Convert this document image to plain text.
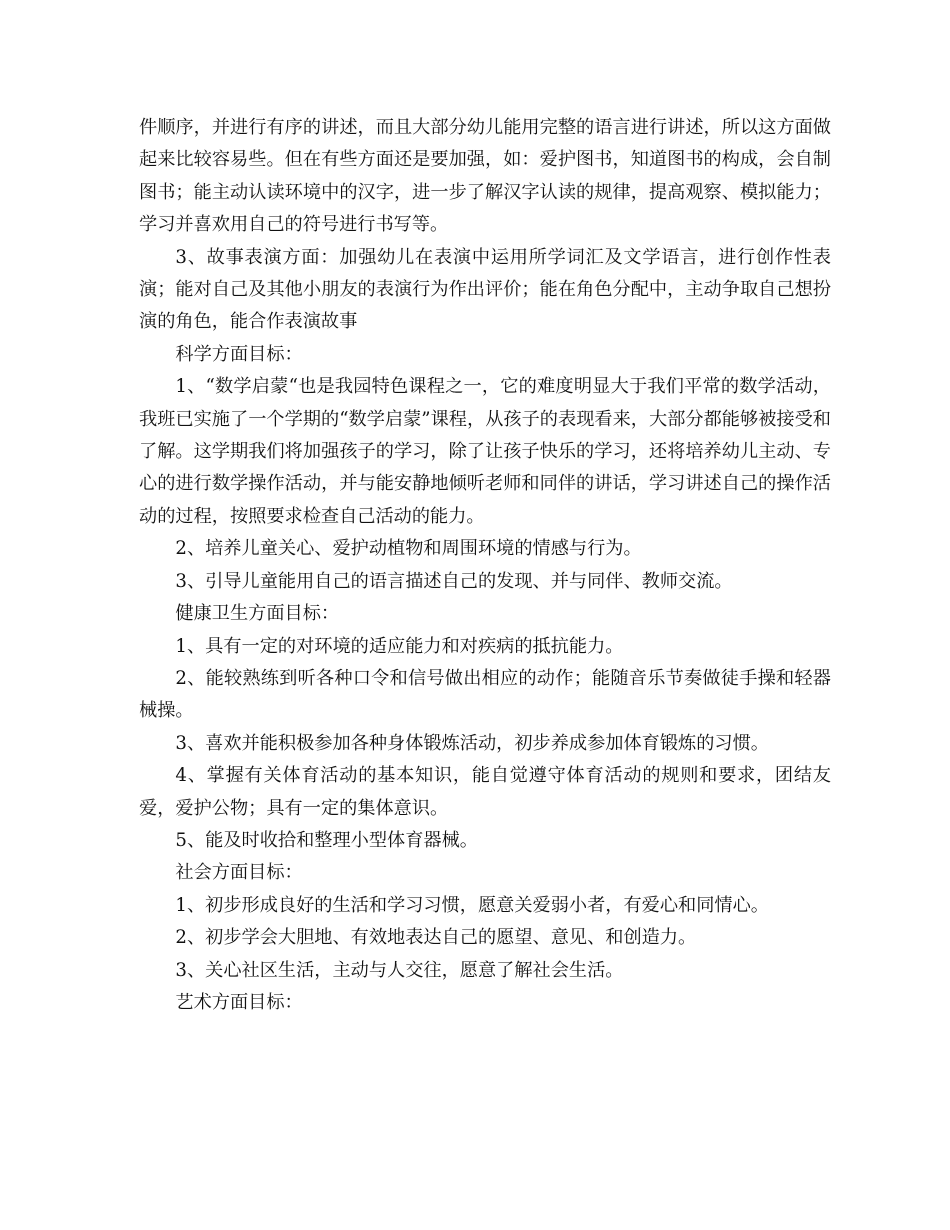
件顺序，并进行有序的讲述，而且大部分幼儿能用完整的语言进行讲述，所以这方面做起来比较容易些。但在有些方面还是要加强，如：爱护图书，知道图书的构成，会自制图书；能主动认读环境中的汉字，进一步了解汉字认读的规律，提高观察、模拟能力；学习并喜欢用自己的符号进行书写等。

3、故事表演方面：加强幼儿在表演中运用所学词汇及文学语言，进行创作性表演；能对自己及其他小朋友的表演行为作出评价；能在角色分配中，主动争取自己想扮演的角色，能合作表演故事

科学方面目标：

1、“数学启蒙“也是我园特色课程之一，它的难度明显大于我们平常的数学活动，我班已实施了一个学期的“数学启蒙”课程，从孩子的表现看来，大部分都能够被接受和了解。这学期我们将加强孩子的学习，除了让孩子快乐的学习，还将培养幼儿主动、专心的进行数学操作活动，并与能安静地倾听老师和同伴的讲话，学习讲述自己的操作活动的过程，按照要求检查自己活动的能力。

2、培养儿童关心、爱护动植物和周围环境的情感与行为。

3、引导儿童能用自己的语言描述自己的发现、并与同伴、教师交流。

健康卫生方面目标：

1、具有一定的对环境的适应能力和对疾病的抵抗能力。

2、能较熟练到听各种口令和信号做出相应的动作；能随音乐节奏做徒手操和轻器械操。

3、喜欢并能积极参加各种身体锻炼活动，初步养成参加体育锻炼的习惯。

4、掌握有关体育活动的基本知识，能自觉遵守体育活动的规则和要求，团结友爱，爱护公物；具有一定的集体意识。

5、能及时收拾和整理小型体育器械。

社会方面目标：

1、初步形成良好的生活和学习习惯，愿意关爱弱小者，有爱心和同情心。

2、初步学会大胆地、有效地表达自己的愿望、意见、和创造力。

3、关心社区生活，主动与人交往，愿意了解社会生活。

艺术方面目标：
